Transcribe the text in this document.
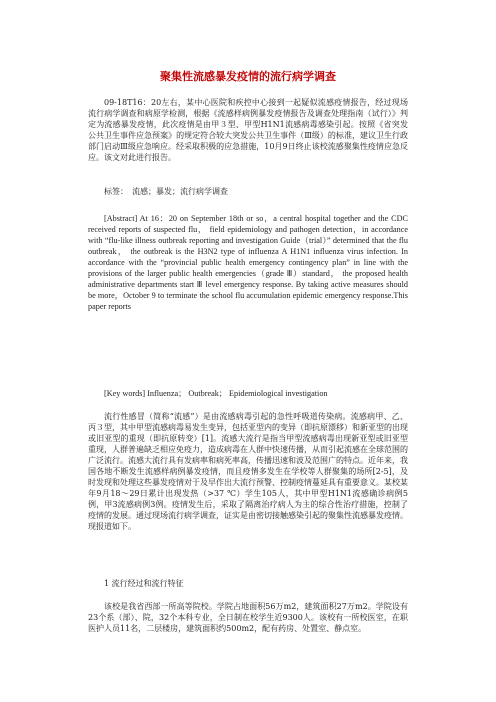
聚集性流感暴发疫情的流行病学调查

09-18T16：20左右，某中心医院和疾控中心接到一起疑似流感疫情报告，经过现场流行病学调查和病原学检测，根据《流感样病例暴发疫情报告及调查处理指南（试行）》判定为流感暴发疫情，此次疫情是由甲３型、甲型H1N1流感病毒感染引起。按照《省突发公共卫生事件应急预案》的规定符合较大突发公共卫生事件（Ⅲ级）的标准，建议卫生行政部门启动Ⅲ级应急响应。经采取积极的应急措施，10月9日终止该校流感聚集性疫情应急反应。该文对此进行报告。

标签：　流感；暴发；流行病学调查

[Abstract] At 16：20 on September 18th or so，a central hospital together and the CDC received reports of suspected flu， field epidemiology and pathogen detection，in accordance with “flu-like illness outbreak reporting and investigation Guide（trial）” determined that the flu outbreak， the outbreak is the H3N2 type of influenza A H1N1 influenza virus infection. In accordance with the “provincial public health emergency contingency plan” in line with the provisions of the larger public health emergencies（grade Ⅲ）standard， the proposed health administrative departments start Ⅲ level emergency response. By taking active measures should be more，October 9 to terminate the school flu accumulation epidemic emergency response.This paper reports

[Key words] Influenza； Outbreak； Epidemiological investigation

流行性感冒（简称“流感”）是由流感病毒引起的急性呼吸道传染病。流感病甲、乙、丙３型，其中甲型流感病毒易发生变异，包括亚型内的变异（即抗原漂移）和新亚型的出现或旧亚型的重现（即抗原转变）[1]。流感大流行是指当甲型流感病毒出现新亚型或旧亚型重现，人群普遍缺乏相应免疫力，造成病毒在人群中快速传播，从而引起流感在全球范围的广泛流行。流感大流行具有发病率和病死率高，传播迅速和波及范围广的特点。近年来，我国各地不断发生流感样病例暴发疫情，而且疫情多发生在学校等人群聚集的场所[2-5]，及时发现和处理这些暴发疫情对于及早作出大流行预警、控制疫情蔓延具有重要意义。某校某年9月18～29日累计出现发热（>37 ℃）学生105人，其中甲型H1N1流感确诊病例5例，甲3流感病例3例。疫情发生后，采取了隔离治疗病人为主的综合性治疗措施，控制了疫情的发展。通过现场流行病学调查，证实是由密切接触感染引起的聚集性流感暴发疫情。现报道如下。

1 流行经过和流行特征

该校是我省西部一所高等院校。学院占地面积56万m2，建筑面积27万m2。学院设有23个系（部）、院，32个本科专业，全日制在校学生近9300人。该校有一所校医室，在职医护人员11名，二层楼房，建筑面积约500m2，配有药房、处置室、静点室。
